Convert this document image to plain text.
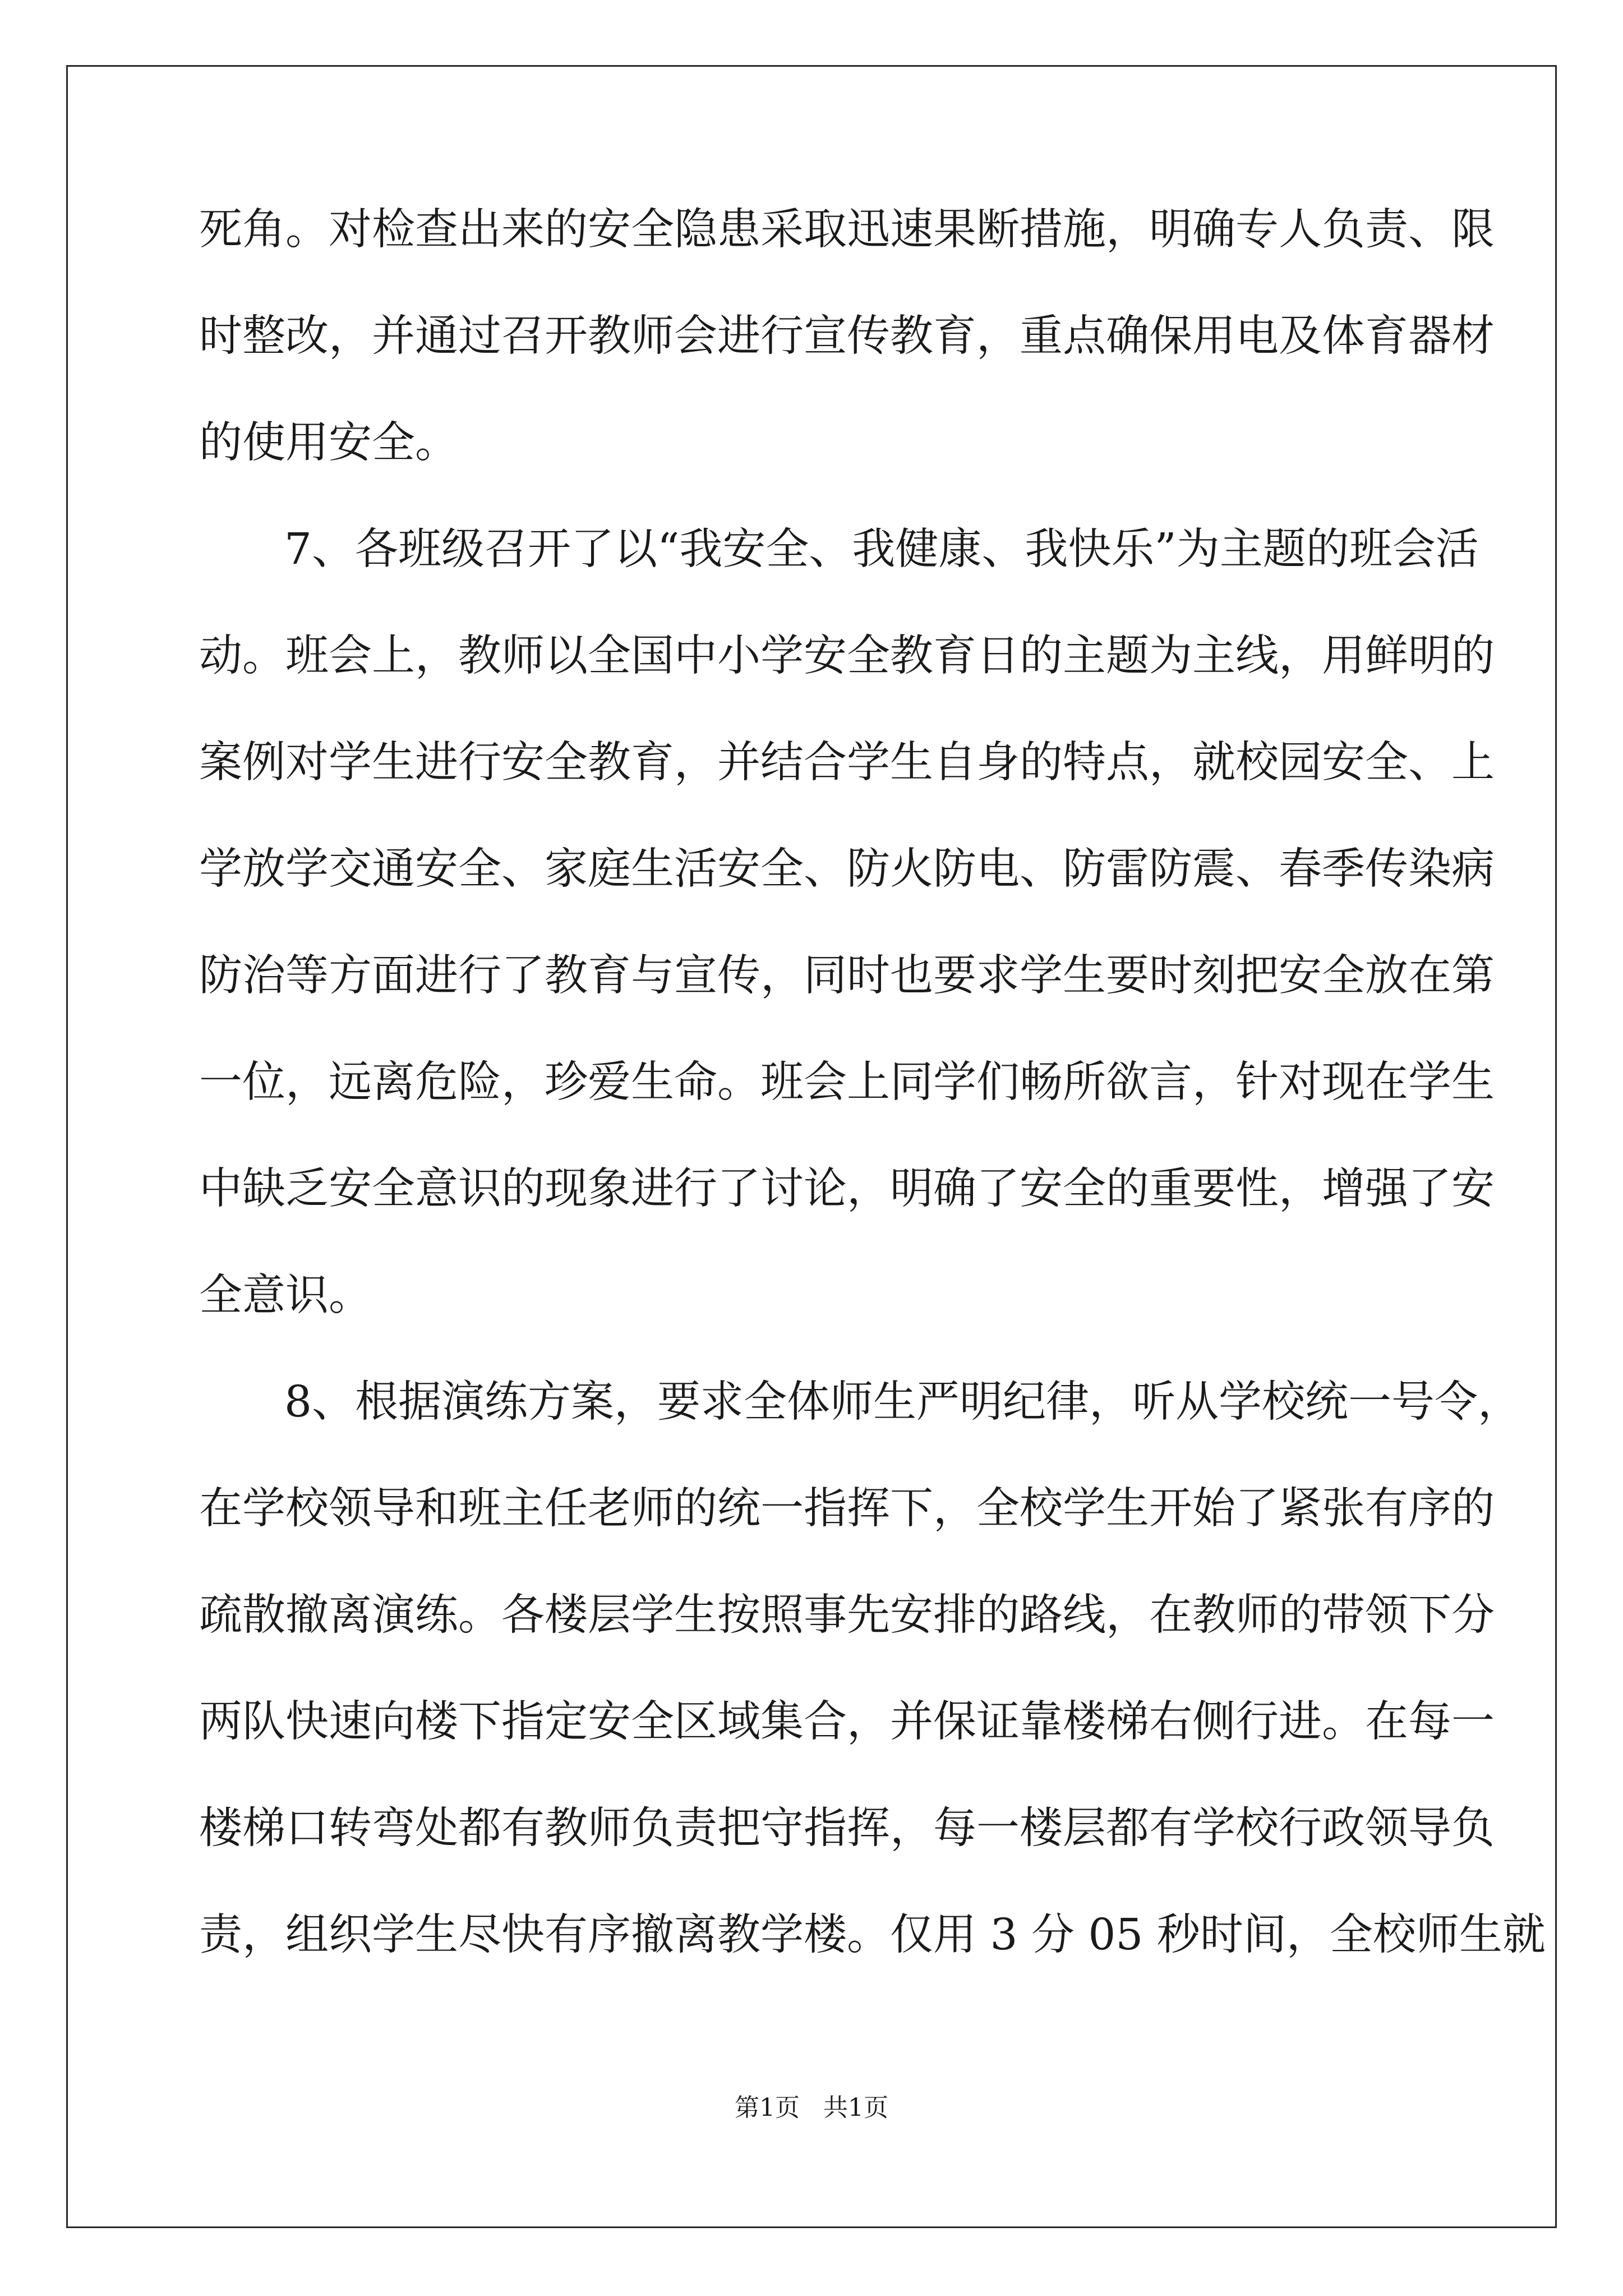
死角。对检查出来的安全隐患采取迅速果断措施，明确专人负责、限
时整改，并通过召开教师会进行宣传教育，重点确保用电及体育器材
的使用安全。
7、各班级召开了以“我安全、我健康、我快乐”为主题的班会活
动。班会上，教师以全国中小学安全教育日的主题为主线，用鲜明的
案例对学生进行安全教育，并结合学生自身的特点，就校园安全、上
学放学交通安全、家庭生活安全、防火防电、防雷防震、春季传染病
防治等方面进行了教育与宣传，同时也要求学生要时刻把安全放在第
一位，远离危险，珍爱生命。班会上同学们畅所欲言，针对现在学生
中缺乏安全意识的现象进行了讨论，明确了安全的重要性，增强了安
全意识。
8、根据演练方案，要求全体师生严明纪律，听从学校统一号令，
在学校领导和班主任老师的统一指挥下，全校学生开始了紧张有序的
疏散撤离演练。各楼层学生按照事先安排的路线，在教师的带领下分
两队快速向楼下指定安全区域集合，并保证靠楼梯右侧行进。在每一
楼梯口转弯处都有教师负责把守指挥，每一楼层都有学校行政领导负
责，组织学生尽快有序撤离教学楼。仅用 3 分 05 秒时间，全校师生就
第1页 共1页
